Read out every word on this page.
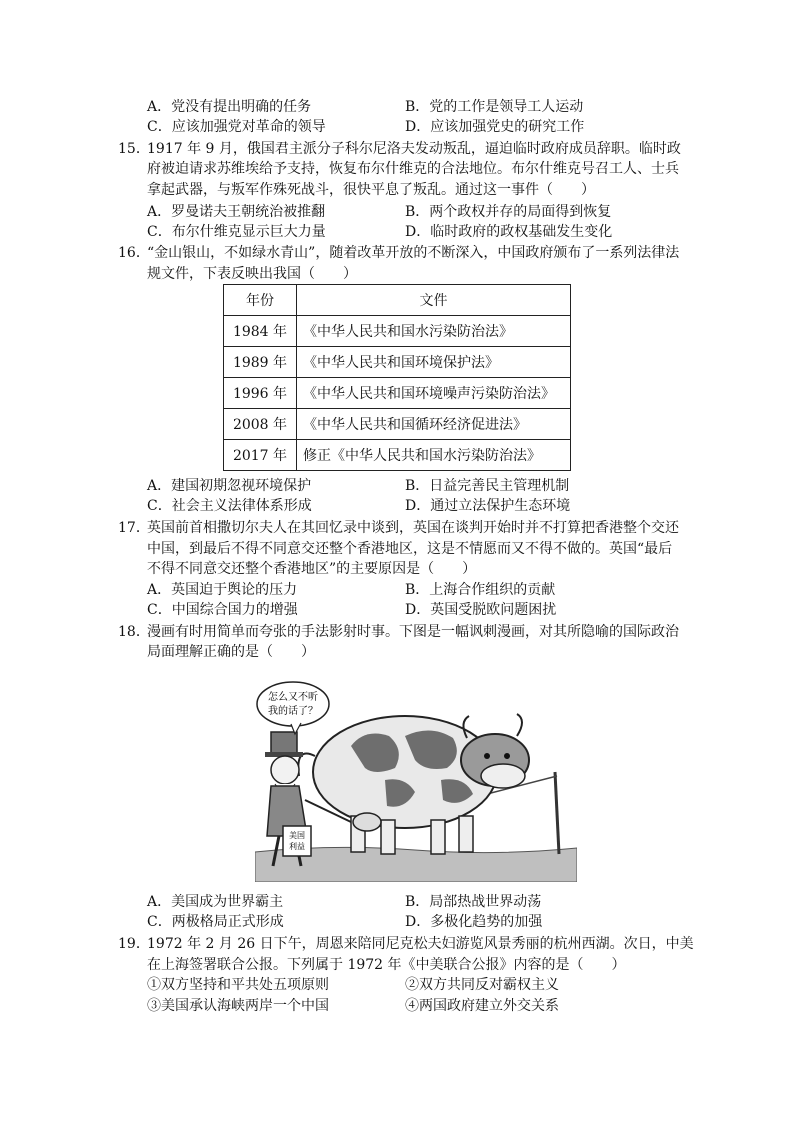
A．党没有提出明确的任务	B．党的工作是领导工人运动
C．应该加强党对革命的领导	D．应该加强党史的研究工作
15．
1917 年 9 月，俄国君主派分子科尔尼洛夫发动叛乱，逼迫临时政府成员辞职。临时政
府被迫请求苏维埃给予支持，恢复布尔什维克的合法地位。布尔什维克号召工人、士兵
拿起武器，与叛军作殊死战斗，很快平息了叛乱。通过这一事件（　　）
A．罗曼诺夫王朝统治被推翻	B．两个政权并存的局面得到恢复
C．布尔什维克显示巨大力量	D．临时政府的政权基础发生变化
16．
“金山银山，不如绿水青山”，随着改革开放的不断深入，中国政府颁布了一系列法律法
规文件，下表反映出我国（　　）
年份	文件
1984 年	《中华人民共和国水污染防治法》
1989 年	《中华人民共和国环境保护法》
1996 年	《中华人民共和国环境噪声污染防治法》
2008 年	《中华人民共和国循环经济促进法》
2017 年	修正《中华人民共和国水污染防治法》
A．建国初期忽视环境保护	B．日益完善民主管理机制
C．社会主义法律体系形成	D．通过立法保护生态环境
17．
英国前首相撒切尔夫人在其回忆录中谈到，英国在谈判开始时并不打算把香港整个交还
中国，到最后不得不同意交还整个香港地区，这是不情愿而又不得不做的。英国“最后
不得不同意交还整个香港地区”的主要原因是（　　）
A．英国迫于舆论的压力	B．上海合作组织的贡献
C．中国综合国力的增强	D．英国受脱欧问题困扰
18．
漫画有时用简单而夸张的手法影射时事。下图是一幅讽刺漫画，对其所隐喻的国际政治
局面理解正确的是（　　）
美国
利益
怎么又不听
我的话了？
A．美国成为世界霸主	B．局部热战世界动荡
C．两极格局正式形成	D．多极化趋势的加强
19．
1972 年 2 月 26 日下午，周恩来陪同尼克松夫妇游览风景秀丽的杭州西湖。次日，中美
在上海签署联合公报。下列属于 1972 年《中美联合公报》内容的是（　　）
①双方坚持和平共处五项原则	②双方共同反对霸权主义
③美国承认海峡两岸一个中国	④两国政府建立外交关系
